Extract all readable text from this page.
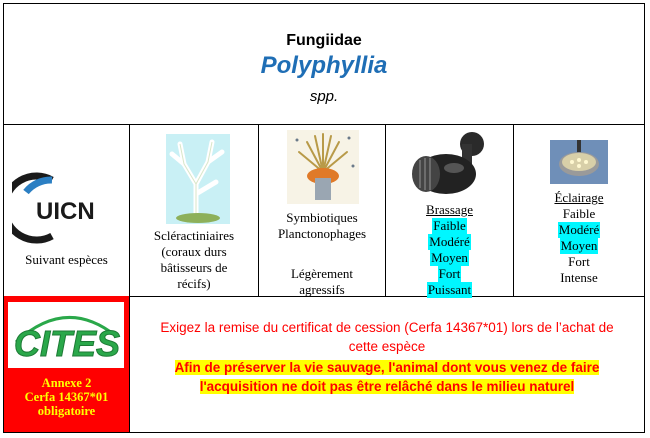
Fungiidae
Polyphyllia
spp.
UICN
Suivant espèces
Scléractiniaires
(coraux durs
bâtisseurs de
récifs)
Symbiotiques
Planctonophages
Légèrement
agressifs
Brassage
Faible
Modéré
Moyen
Fort
Puissant
Éclairage
Faible
Modéré
Moyen
Fort
Intense
CITES
Annexe 2
Cerfa 14367*01
obligatoire
Exigez la remise du certificat de cession (Cerfa 14367*01) lors de l’achat de
cette espèce
Afin de préserver la vie sauvage, l'animal dont vous venez de faire
l'acquisition ne doit pas être relâché dans le milieu naturel
